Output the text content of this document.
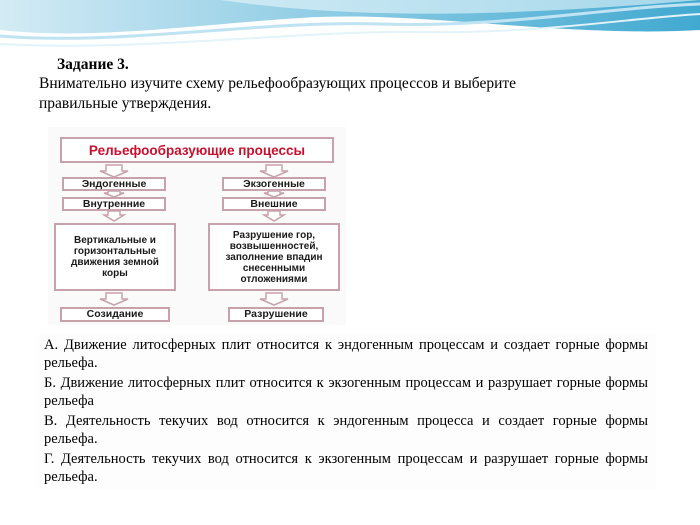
Задание 3.
Внимательно изучите схему рельефообразующих процессов и выберите правильные утверждения.
Рельефообразующие процессы
Эндогенные	Экзогенные
Внутренние	Внешние
Вертикальные и горизонтальные движения земной коры
Разрушение гор, возвышенностей, заполнение впадин снесенными отложениями
Созидание	Разрушение

А. Движение литосферных плит относится к эндогенным процессам и создает горные формы рельефа.

Б. Движение литосферных плит относится к экзогенным процессам и разрушает горные формы рельефа

В. Деятельность текучих вод относится к эндогенным процесса и создает горные формы рельефа.

Г. Деятельность текучих вод относится к экзогенным процессам и разрушает горные формы рельефа.
